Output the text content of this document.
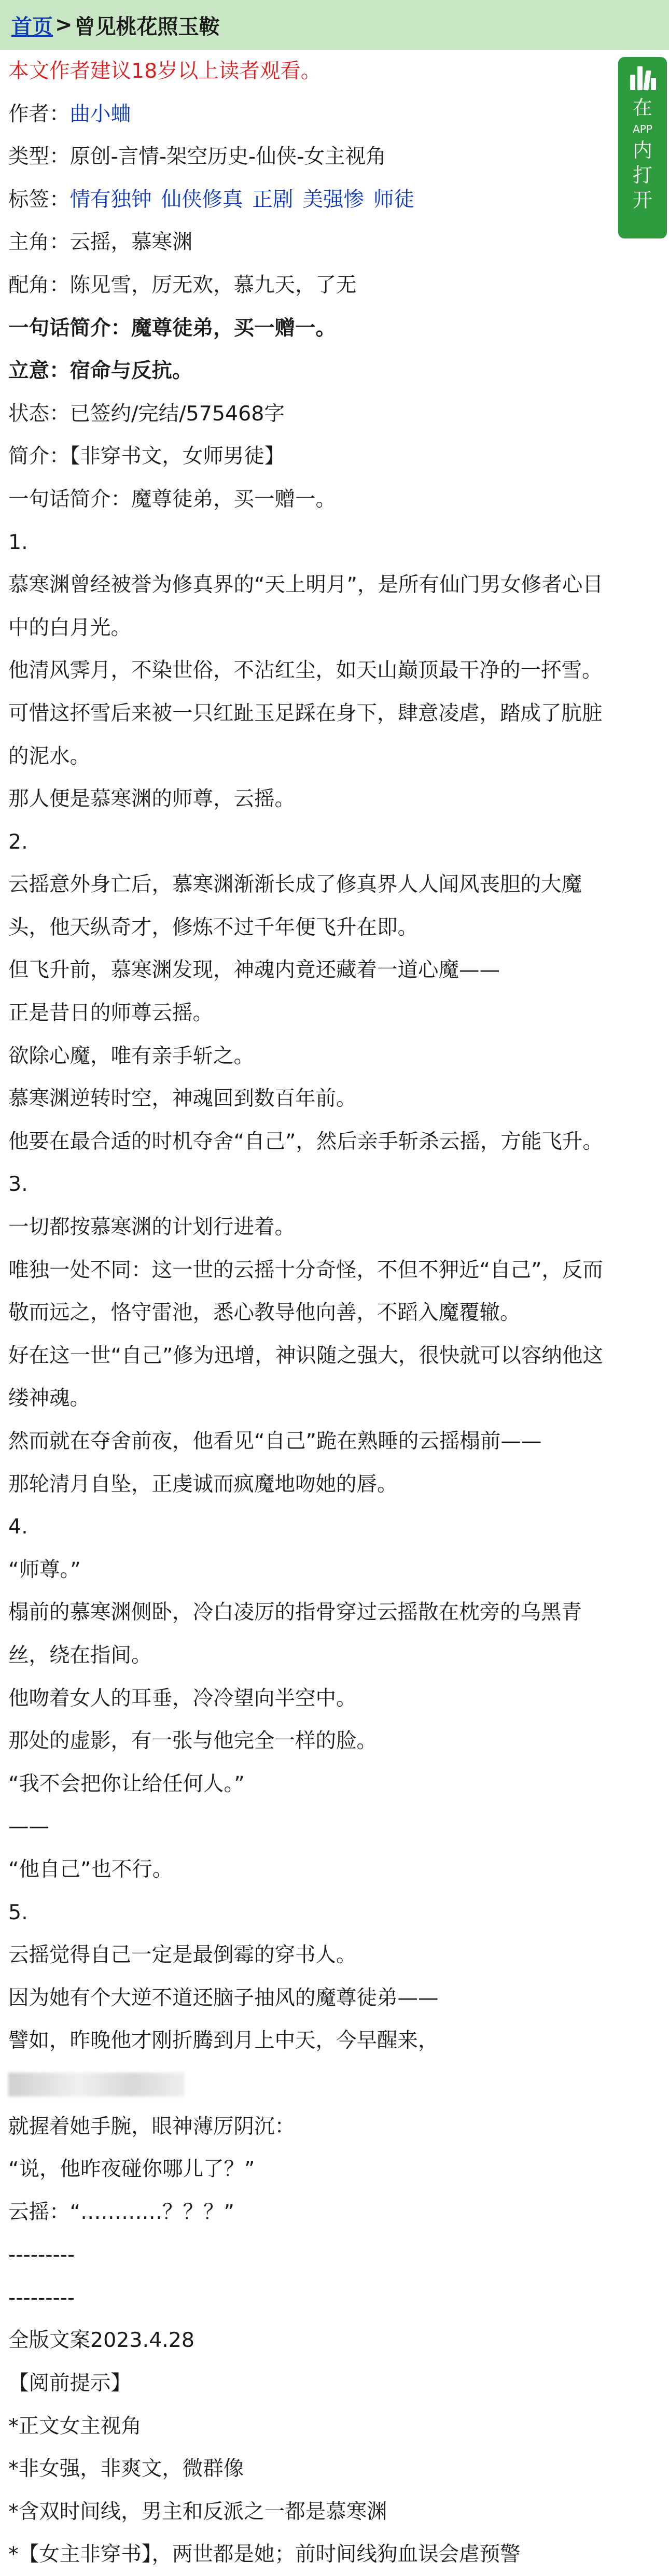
首页 > 曾见桃花照玉鞍
在
APP
内
打
开
本文作者建议18岁以上读者观看。
作者：曲小蛐
类型：原创-言情-架空历史-仙侠-女主视角
标签：情有独钟 仙侠修真 正剧 美强惨 师徒
主角：云摇，慕寒渊
配角：陈见雪，厉无欢，慕九天，了无
一句话简介：魔尊徒弟，买一赠一。
立意：宿命与反抗。
状态：已签约/完结/575468字
简介：【非穿书文，女师男徒】
一句话简介：魔尊徒弟，买一赠一。
1.
慕寒渊曾经被誉为修真界的“天上明月”，是所有仙门男女修者心目中的白月光。
他清风霁月，不染世俗，不沾红尘，如天山巅顶最干净的一抔雪。
可惜这抔雪后来被一只红趾玉足踩在身下，肆意凌虐，踏成了肮脏的泥水。
那人便是慕寒渊的师尊，云摇。
2.
云摇意外身亡后，慕寒渊渐渐长成了修真界人人闻风丧胆的大魔头，他天纵奇才，修炼不过千年便飞升在即。
但飞升前，慕寒渊发现，神魂内竟还藏着一道心魔——
正是昔日的师尊云摇。
欲除心魔，唯有亲手斩之。
慕寒渊逆转时空，神魂回到数百年前。
他要在最合适的时机夺舍“自己”，然后亲手斩杀云摇，方能飞升。
3.
一切都按慕寒渊的计划行进着。
唯独一处不同：这一世的云摇十分奇怪，不但不狎近“自己”，反而敬而远之，恪守雷池，悉心教导他向善，不蹈入魔覆辙。
好在这一世“自己”修为迅增，神识随之强大，很快就可以容纳他这缕神魂。
然而就在夺舍前夜，他看见“自己”跪在熟睡的云摇榻前——
那轮清月自坠，正虔诚而疯魔地吻她的唇。
4.
“师尊。”
榻前的慕寒渊侧卧，冷白凌厉的指骨穿过云摇散在枕旁的乌黑青丝，绕在指间。
他吻着女人的耳垂，冷冷望向半空中。
那处的虚影，有一张与他完全一样的脸。
“我不会把你让给任何人。”
——
“他自己”也不行。
5.
云摇觉得自己一定是最倒霉的穿书人。
因为她有个大逆不道还脑子抽风的魔尊徒弟——
譬如，昨晚他才刚折腾到月上中天，今早醒来，
就握着她手腕，眼神薄厉阴沉：
“说，他昨夜碰你哪儿了？”
云摇：“…………？？？”
---------
---------
全版文案2023.4.28
【阅前提示】
*正文女主视角
*非女强，非爽文，微群像
*含双时间线，男主和反派之一都是慕寒渊
*【女主非穿书】，两世都是她；前时间线狗血误会虐预警
